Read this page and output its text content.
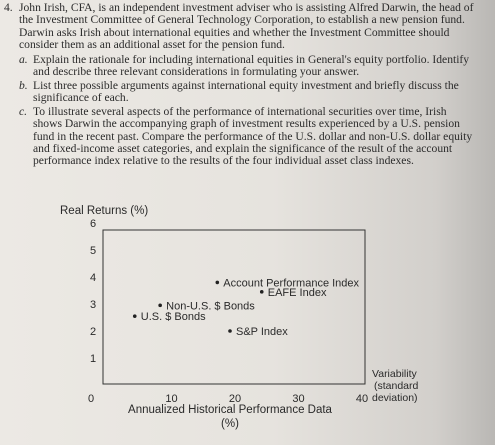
4. John Irish, CFA, is an independent investment adviser who is assisting Alfred Darwin, the head of
the Investment Committee of General Technology Corporation, to establish a new pension fund.
Darwin asks Irish about international equities and whether the Investment Committee should
consider them as an additional asset for the pension fund.
a. Explain the rationale for including international equities in General's equity portfolio. Identify
and describe three relevant considerations in formulating your answer.
b. List three possible arguments against international equity investment and briefly discuss the
significance of each.
c. To illustrate several aspects of the performance of international securities over time, Irish
shows Darwin the accompanying graph of investment results experienced by a U.S. pension
fund in the recent past. Compare the performance of the U.S. dollar and non-U.S. dollar equity
and fixed-income asset categories, and explain the significance of the result of the account
performance index relative to the results of the four individual asset class indexes.
Real Returns (%)
1
2
3
4
5
6
0	10	20	30	40
Account Performance Index
EAFE Index
Non-U.S. $ Bonds
U.S. $ Bonds
S&P Index
Annualized Historical Performance Data
(%)
Variability
(standard
deviation)
